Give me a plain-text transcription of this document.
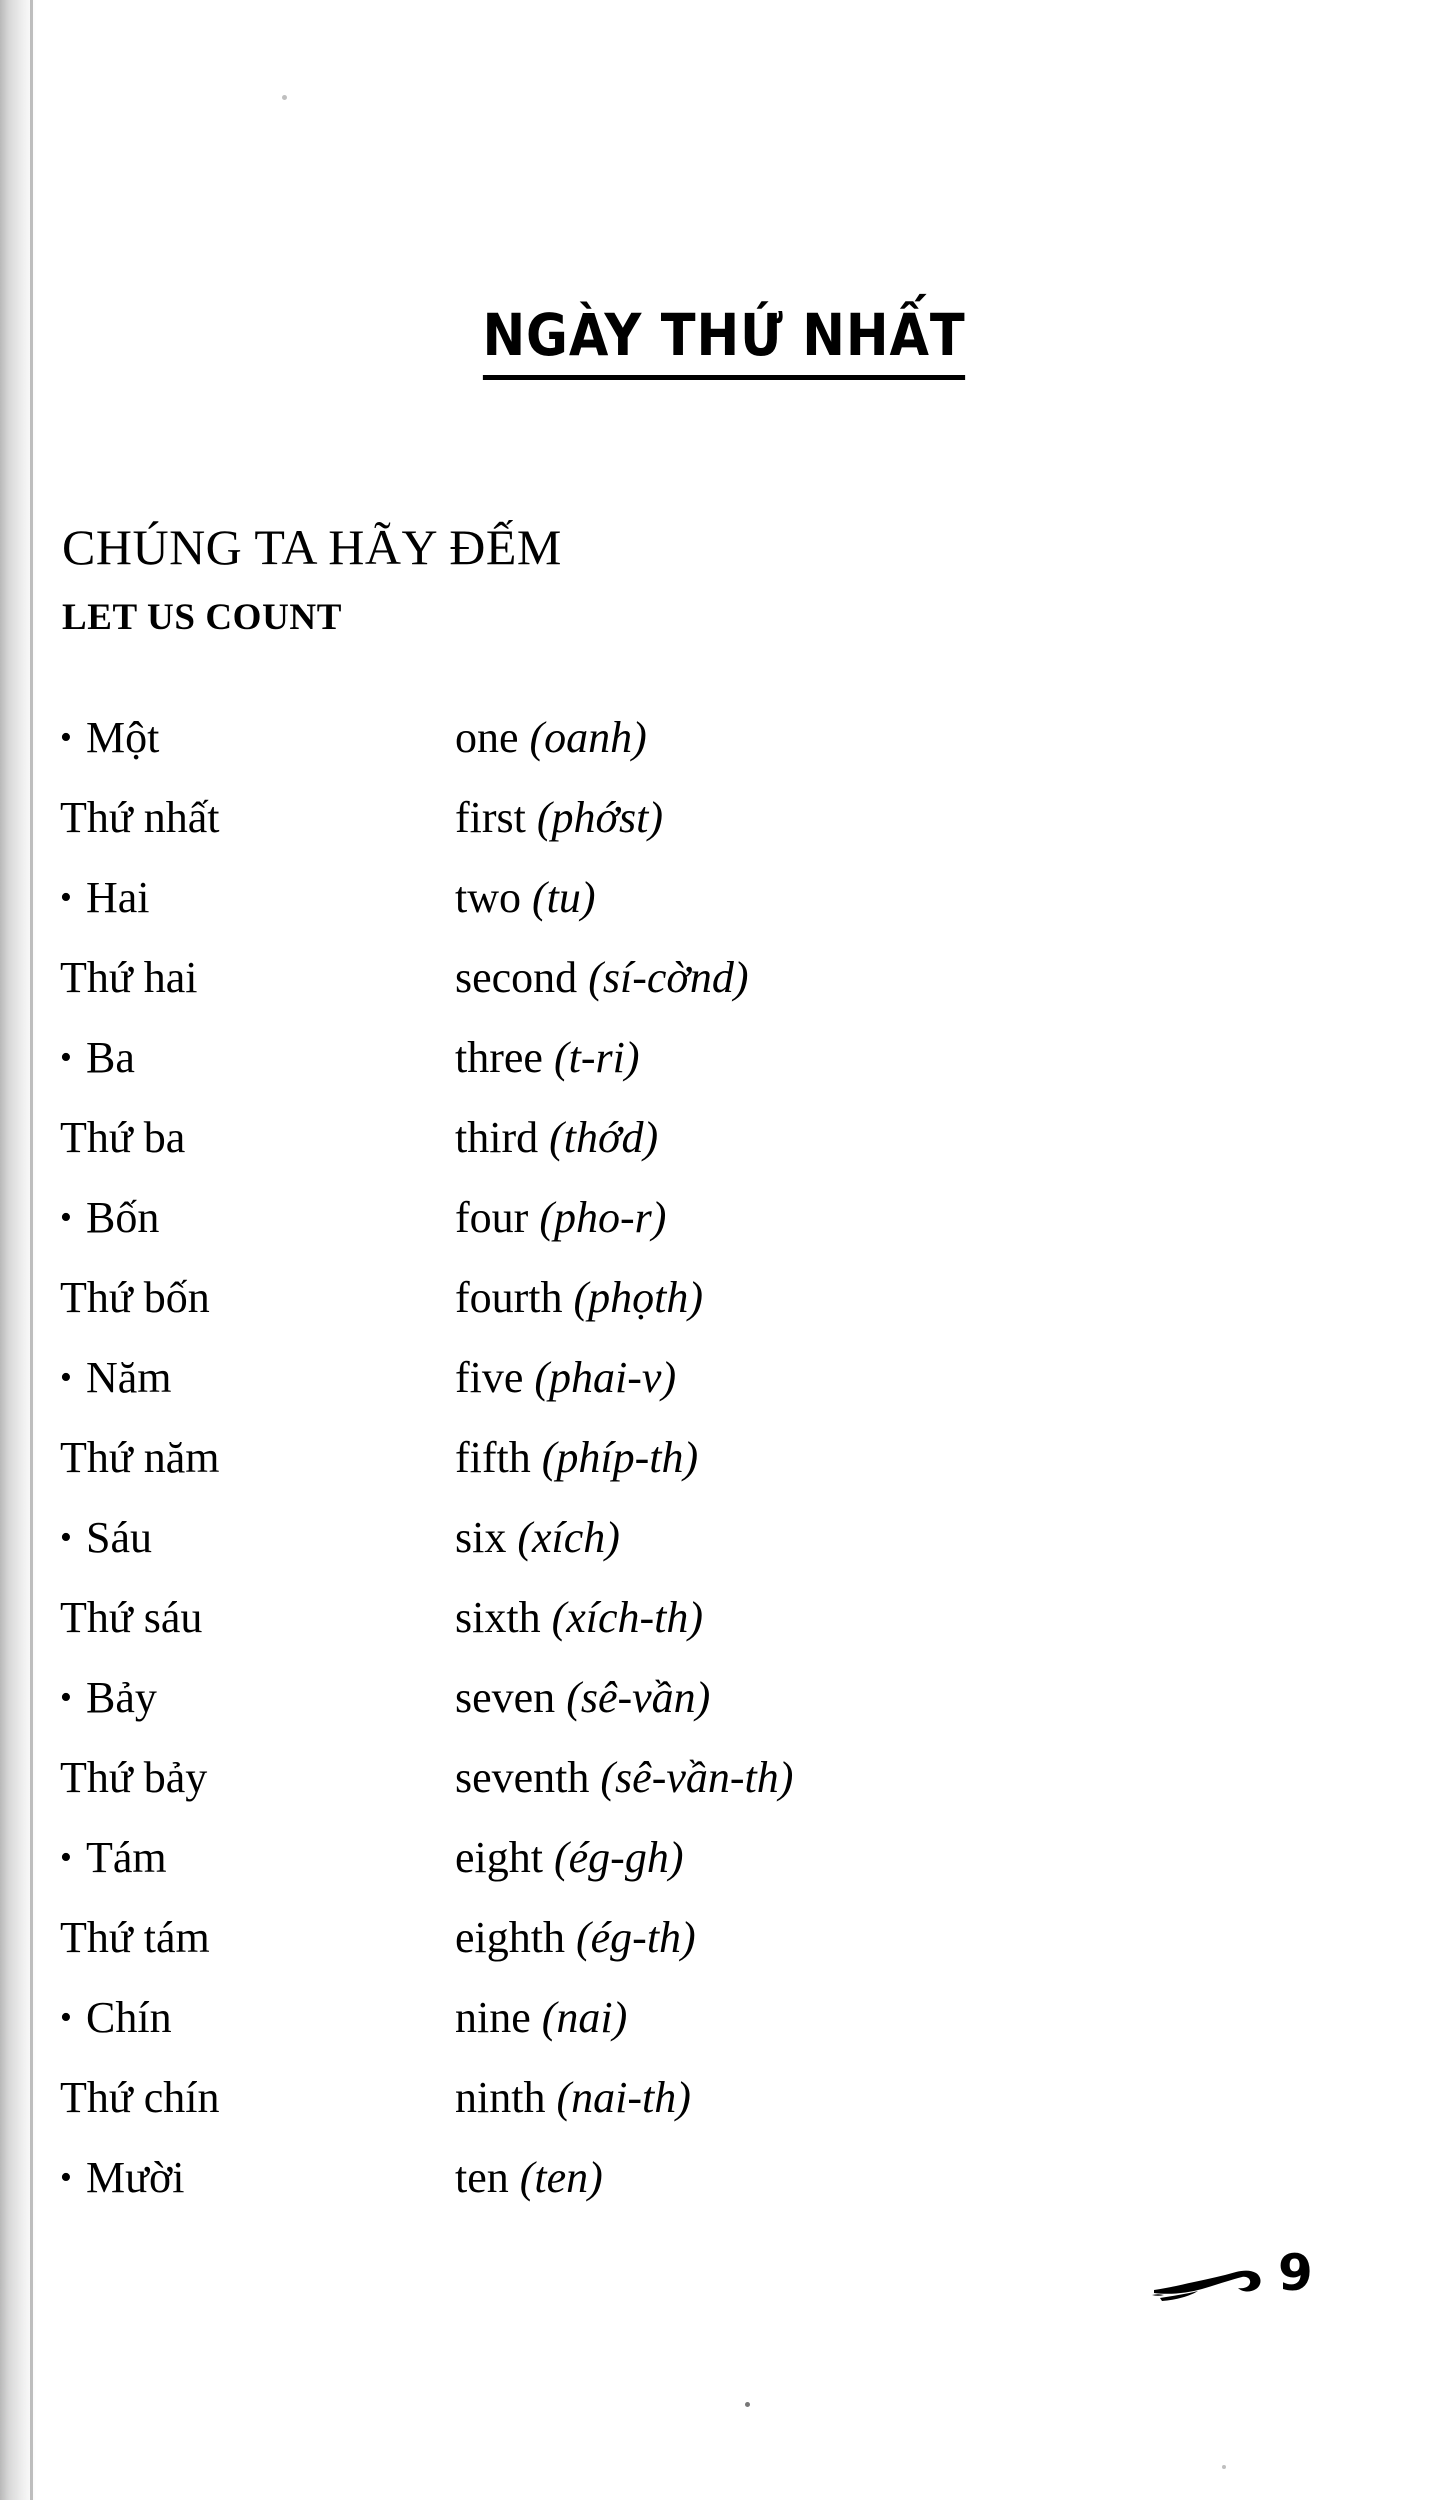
NGÀY THỨ NHẤT
CHÚNG TA HÃY ĐẾM
LET US COUNT
• Một	one (oanh)
Thứ nhất	first (phớst)
• Hai	two (tu)
Thứ hai	second (sí-cờnd)
• Ba	three (t-ri)
Thứ ba	third (thớd)
• Bốn	four (pho-r)
Thứ bốn	fourth (phọth)
• Năm	five (phai-v)
Thứ năm	fifth (phíp-th)
• Sáu	six (xích)
Thứ sáu	sixth (xích-th)
• Bảy	seven (sê-vần)
Thứ bảy	seventh (sê-vần-th)
• Tám	eight (ég-gh)
Thứ tám	eighth (ég-th)
• Chín	nine (nai)
Thứ chín	ninth (nai-th)
• Mười	ten (ten)
9
